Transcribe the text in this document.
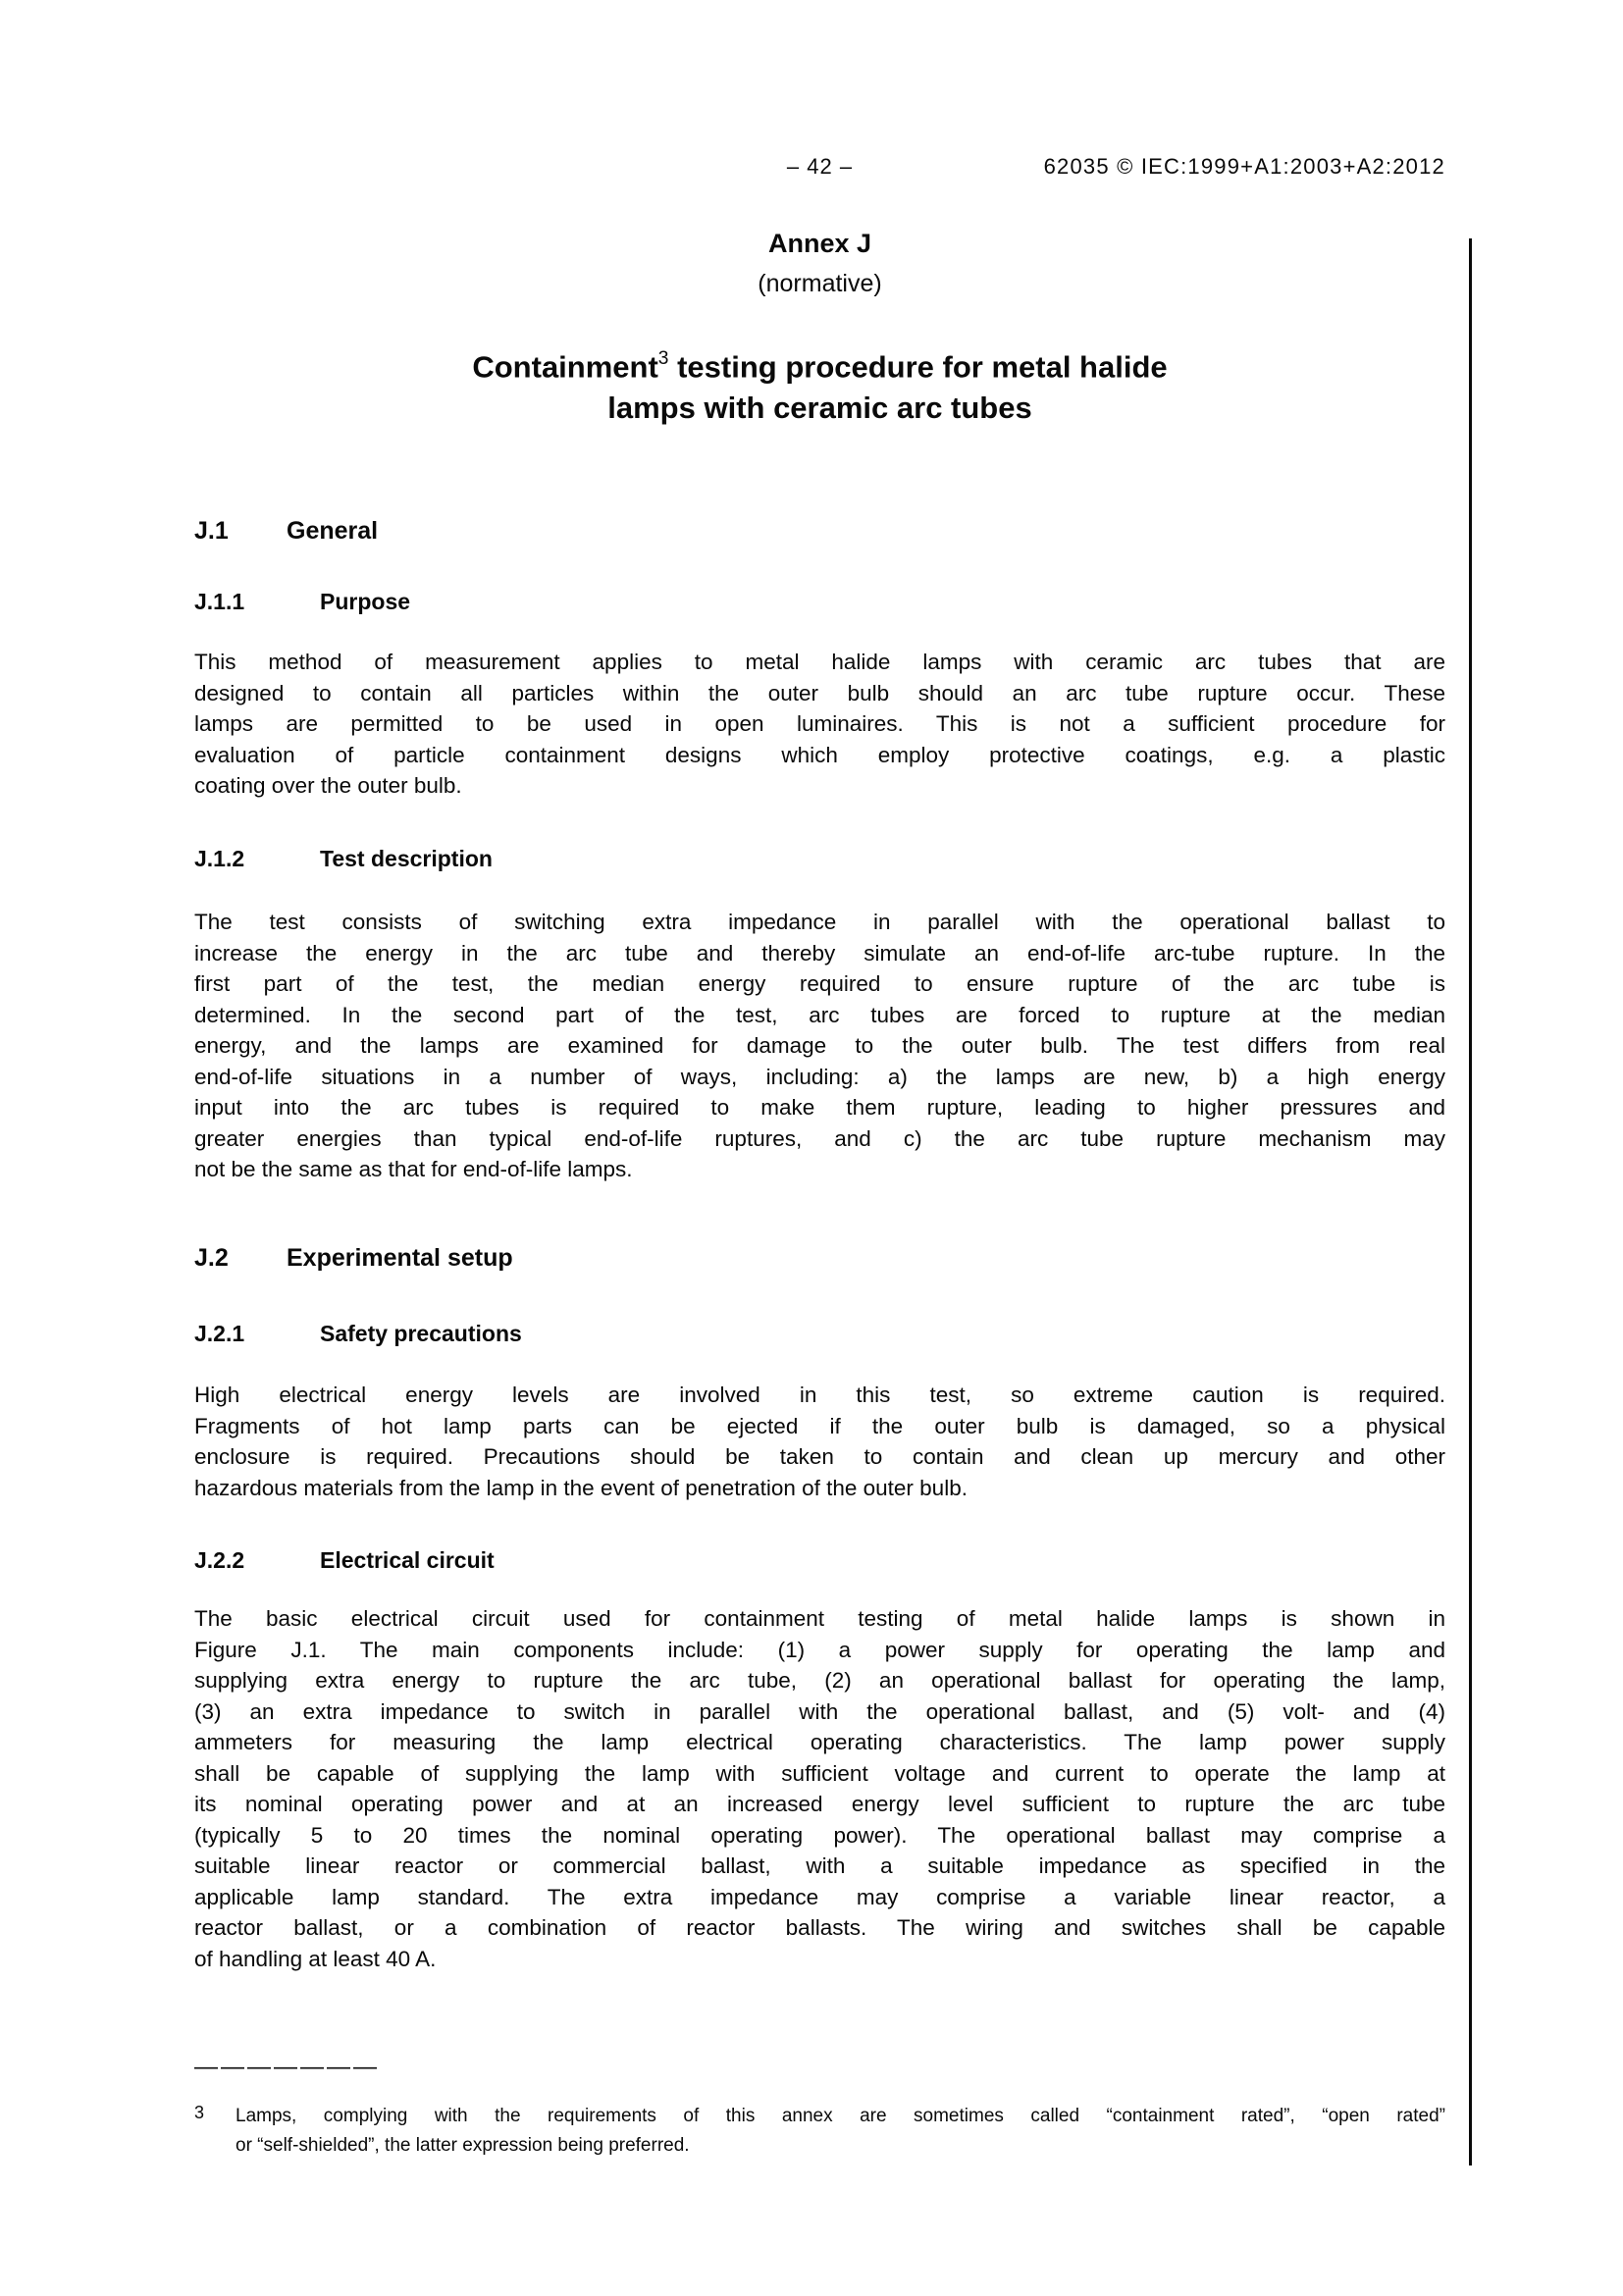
– 42 –	62035 © IEC:1999+A1:2003+A2:2012
Annex J
(normative)
Containment$^3$ testing procedure for metal halide
lamps with ceramic arc tubes
J.1 General
J.1.1	Purpose
This method of measurement applies to metal halide lamps with ceramic arc tubes that are
designed to contain all particles within the outer bulb should an arc tube rupture occur. These
lamps are permitted to be used in open luminaires. This is not a sufficient procedure for
evaluation of particle containment designs which employ protective coatings, e.g. a plastic
coating over the outer bulb.
J.1.2	Test description
The test consists of switching extra impedance in parallel with the operational ballast to
increase the energy in the arc tube and thereby simulate an end-of-life arc-tube rupture. In the
first part of the test, the median energy required to ensure rupture of the arc tube is
determined. In the second part of the test, arc tubes are forced to rupture at the median
energy, and the lamps are examined for damage to the outer bulb. The test differs from real
end-of-life situations in a number of ways, including: a) the lamps are new, b) a high energy
input into the arc tubes is required to make them rupture, leading to higher pressures and
greater energies than typical end-of-life ruptures, and c) the arc tube rupture mechanism may
not be the same as that for end-of-life lamps.
J.2 Experimental setup
J.2.1	Safety precautions
High electrical energy levels are involved in this test, so extreme caution is required.
Fragments of hot lamp parts can be ejected if the outer bulb is damaged, so a physical
enclosure is required. Precautions should be taken to contain and clean up mercury and other
hazardous materials from the lamp in the event of penetration of the outer bulb.
J.2.2	Electrical circuit
The basic electrical circuit used for containment testing of metal halide lamps is shown in
Figure J.1. The main components include: (1) a power supply for operating the lamp and
supplying extra energy to rupture the arc tube, (2) an operational ballast for operating the lamp,
(3) an extra impedance to switch in parallel with the operational ballast, and (5) volt- and (4)
ammeters for measuring the lamp electrical operating characteristics. The lamp power supply
shall be capable of supplying the lamp with sufficient voltage and current to operate the lamp at
its nominal operating power and at an increased energy level sufficient to rupture the arc tube
(typically 5 to 20 times the nominal operating power). The operational ballast may comprise a
suitable linear reactor or commercial ballast, with a suitable impedance as specified in the
applicable lamp standard. The extra impedance may comprise a variable linear reactor, a
reactor ballast, or a combination of reactor ballasts. The wiring and switches shall be capable
of handling at least 40 A.
———————
3 Lamps, complying with the requirements of this annex are sometimes called “containment rated”, “open rated”
or “self-shielded”, the latter expression being preferred.
